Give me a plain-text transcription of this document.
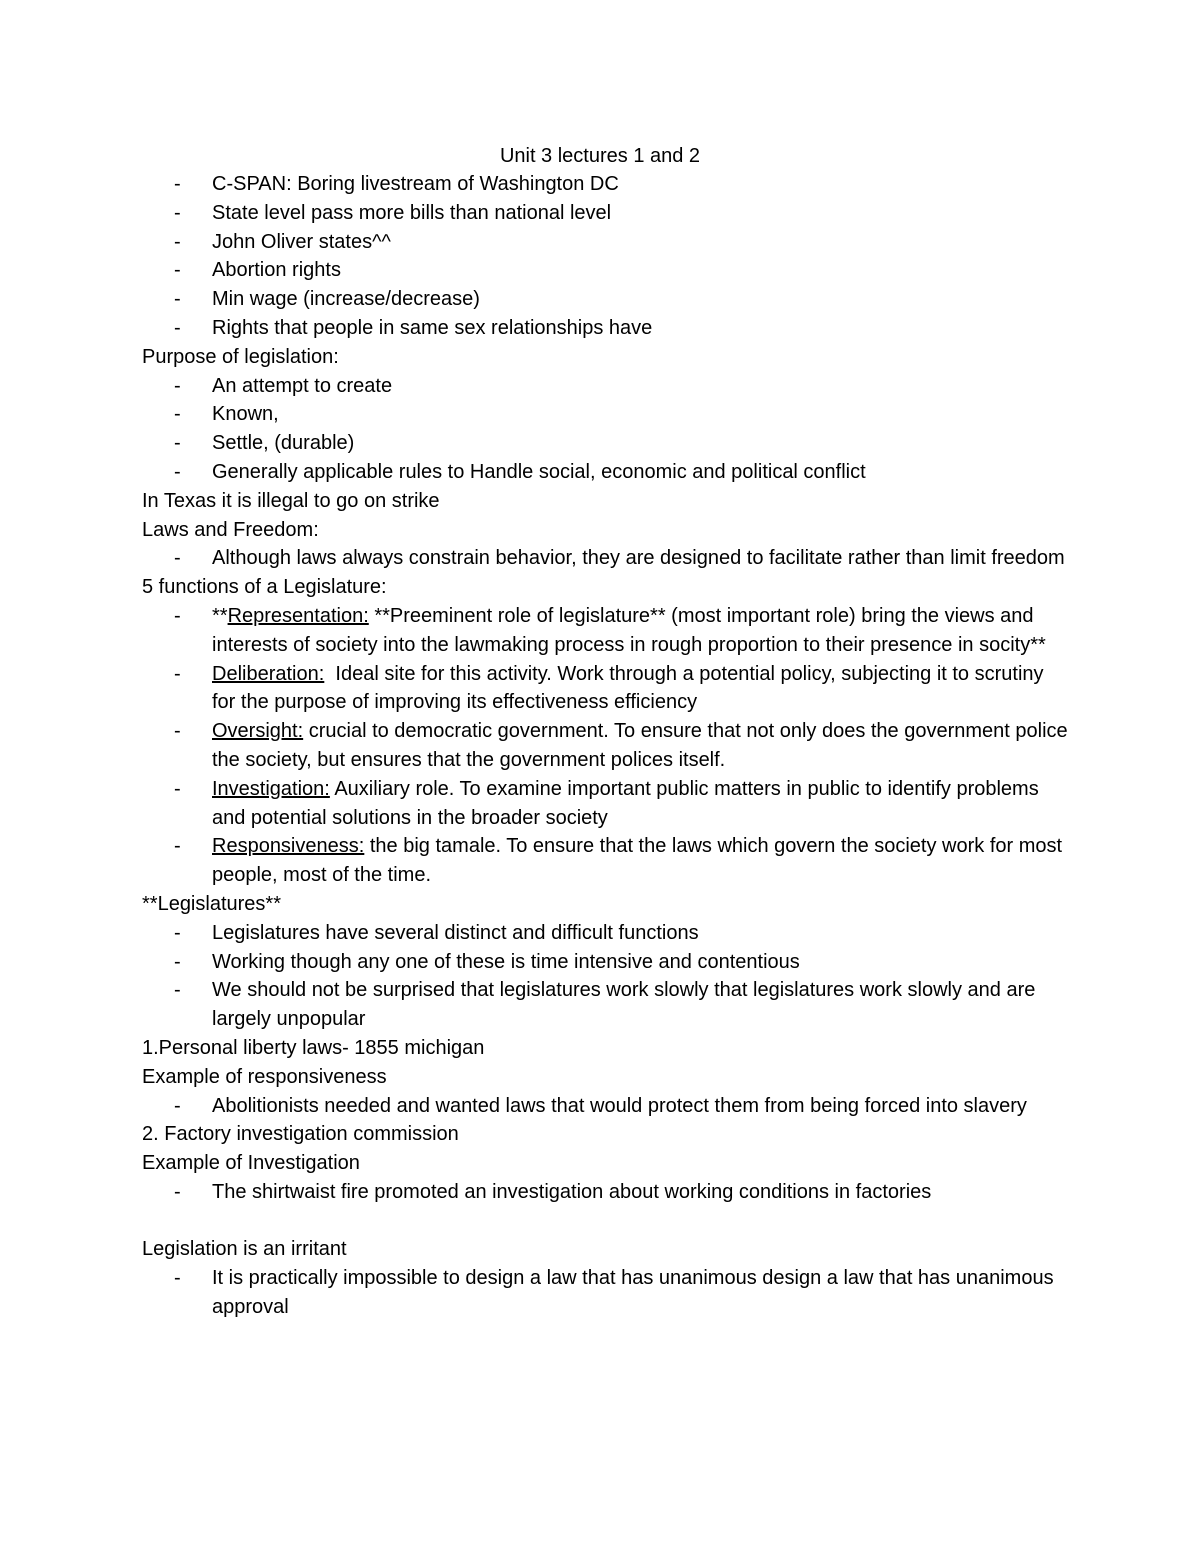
Unit 3 lectures 1 and 2
- C-SPAN: Boring livestream of Washington DC
- State level pass more bills than national level
- John Oliver states^^
- Abortion rights
- Min wage (increase/decrease)
- Rights that people in same sex relationships have
Purpose of legislation:
- An attempt to create
- Known,
- Settle, (durable)
- Generally applicable rules to Handle social, economic and political conflict
In Texas it is illegal to go on strike
Laws and Freedom:
- Although laws always constrain behavior, they are designed to facilitate rather than limit freedom
5 functions of a Legislature:
- **Representation: **Preeminent role of legislature** (most important role) bring the views and interests of society into the lawmaking process in rough proportion to their presence in socity**
- Deliberation:  Ideal site for this activity. Work through a potential policy, subjecting it to scrutiny for the purpose of improving its effectiveness efficiency
- Oversight: crucial to democratic government. To ensure that not only does the government police the society, but ensures that the government polices itself.
- Investigation: Auxiliary role. To examine important public matters in public to identify problems and potential solutions in the broader society
- Responsiveness: the big tamale. To ensure that the laws which govern the society work for most people, most of the time.
**Legislatures**
- Legislatures have several distinct and difficult functions
- Working though any one of these is time intensive and contentious
- We should not be surprised that legislatures work slowly that legislatures work slowly and are largely unpopular
1.Personal liberty laws- 1855 michigan
Example of responsiveness
- Abolitionists needed and wanted laws that would protect them from being forced into slavery
2. Factory investigation commission
Example of Investigation
- The shirtwaist fire promoted an investigation about working conditions in factories
Legislation is an irritant
- It is practically impossible to design a law that has unanimous design a law that has unanimous approval
